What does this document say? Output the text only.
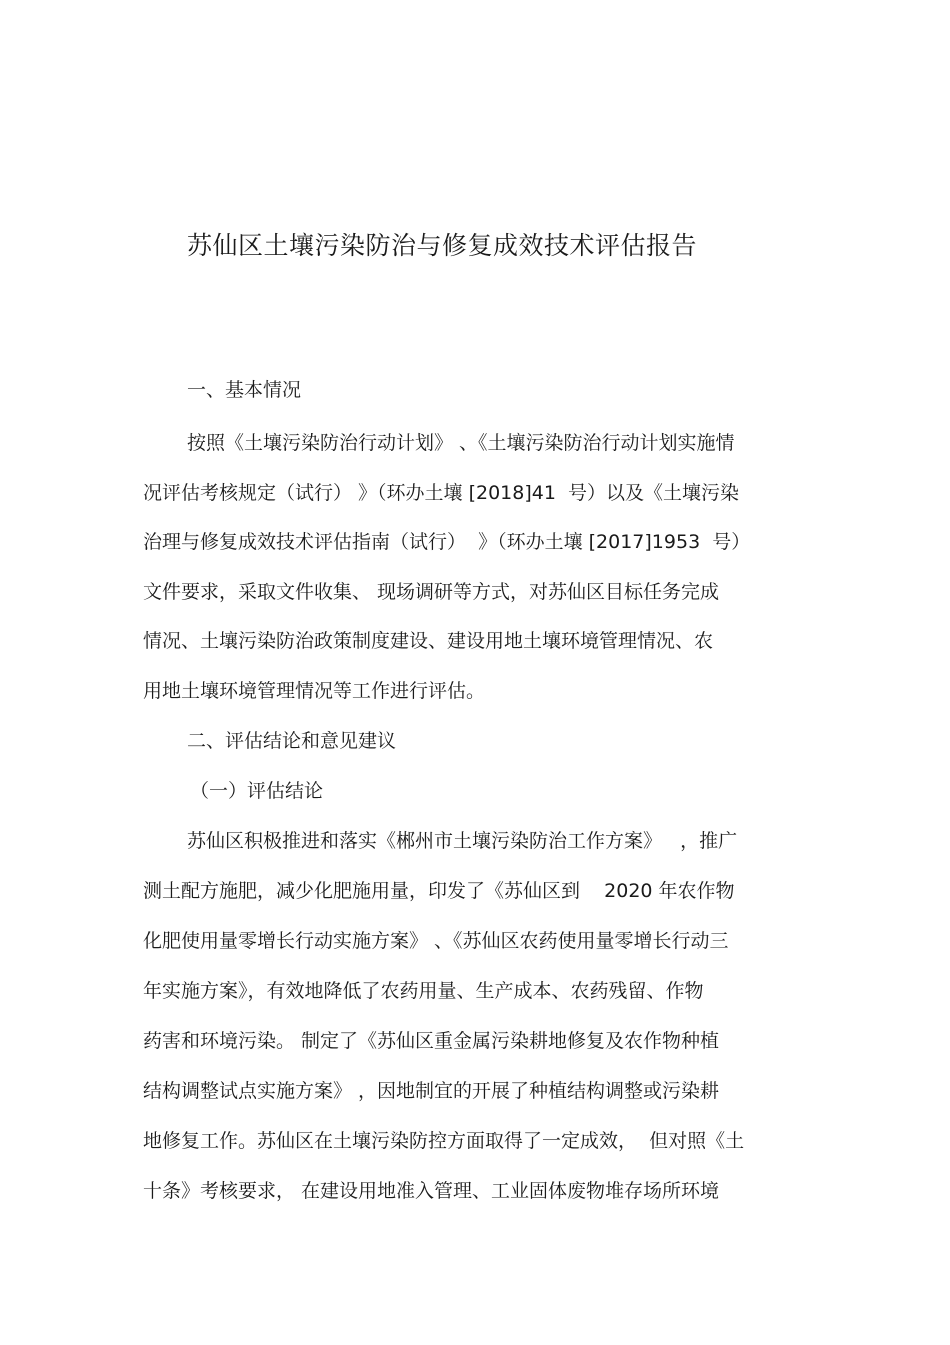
苏仙区土壤污染防治与修复成效技术评估报告
一、基本情况
按照《土壤污染防治行动计划》 、《土壤污染防治行动计划实施情
况评估考核规定（试行） 》（环办土壤 [2018]41  号）以及《土壤污染
治理与修复成效技术评估指南（试行）  》（环办土壤 [2017]1953  号）
文件要求，采取文件收集、 现场调研等方式，对苏仙区目标任务完成
情况、土壤污染防治政策制度建设、建设用地土壤环境管理情况、农
用地土壤环境管理情况等工作进行评估。
二、评估结论和意见建议
（一）评估结论
苏仙区积极推进和落实《郴州市土壤污染防治工作方案》   ，推广
测土配方施肥，减少化肥施用量，印发了《苏仙区到    2020 年农作物
化肥使用量零增长行动实施方案》 、《苏仙区农药使用量零增长行动三
年实施方案》，有效地降低了农药用量、生产成本、农药残留、作物
药害和环境污染。 制定了《苏仙区重金属污染耕地修复及农作物种植
结构调整试点实施方案》 ，因地制宜的开展了种植结构调整或污染耕
地修复工作。苏仙区在土壤污染防控方面取得了一定成效，  但对照《土
十条》考核要求， 在建设用地准入管理、工业固体废物堆存场所环境
